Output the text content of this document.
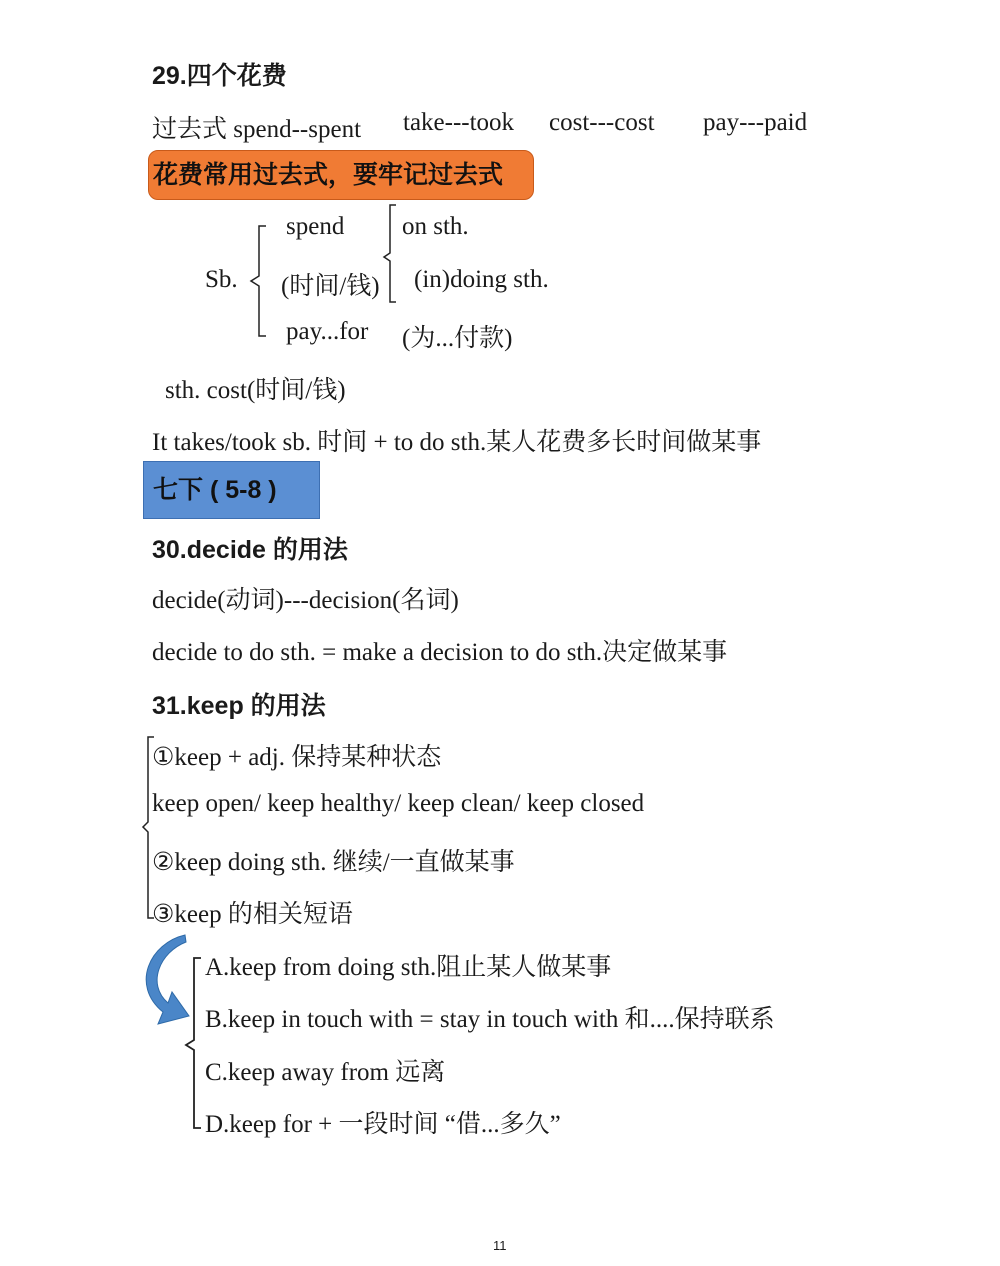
29.四个花费
过去式 spend--spent take---took cost---cost pay---paid
花费常用过去式，要牢记过去式
Sb.
spend
(时间/钱)
pay...for
on sth.
(in)doing sth.
(为...付款)
sth. cost(时间/钱)
It takes/took sb. 时间 + to do sth.某人花费多长时间做某事
七下 ( 5-8 )
30.decide 的用法
decide(动词)---decision(名词)
decide to do sth. = make a decision to do sth.决定做某事
31.keep 的用法
①keep + adj. 保持某种状态
keep open/ keep healthy/ keep clean/ keep closed
②keep doing sth. 继续/一直做某事
③keep 的相关短语
A.keep from doing sth.阻止某人做某事
B.keep in touch with = stay in touch with 和....保持联系
C.keep away from 远离
D.keep for + 一段时间 “借...多久”
11
